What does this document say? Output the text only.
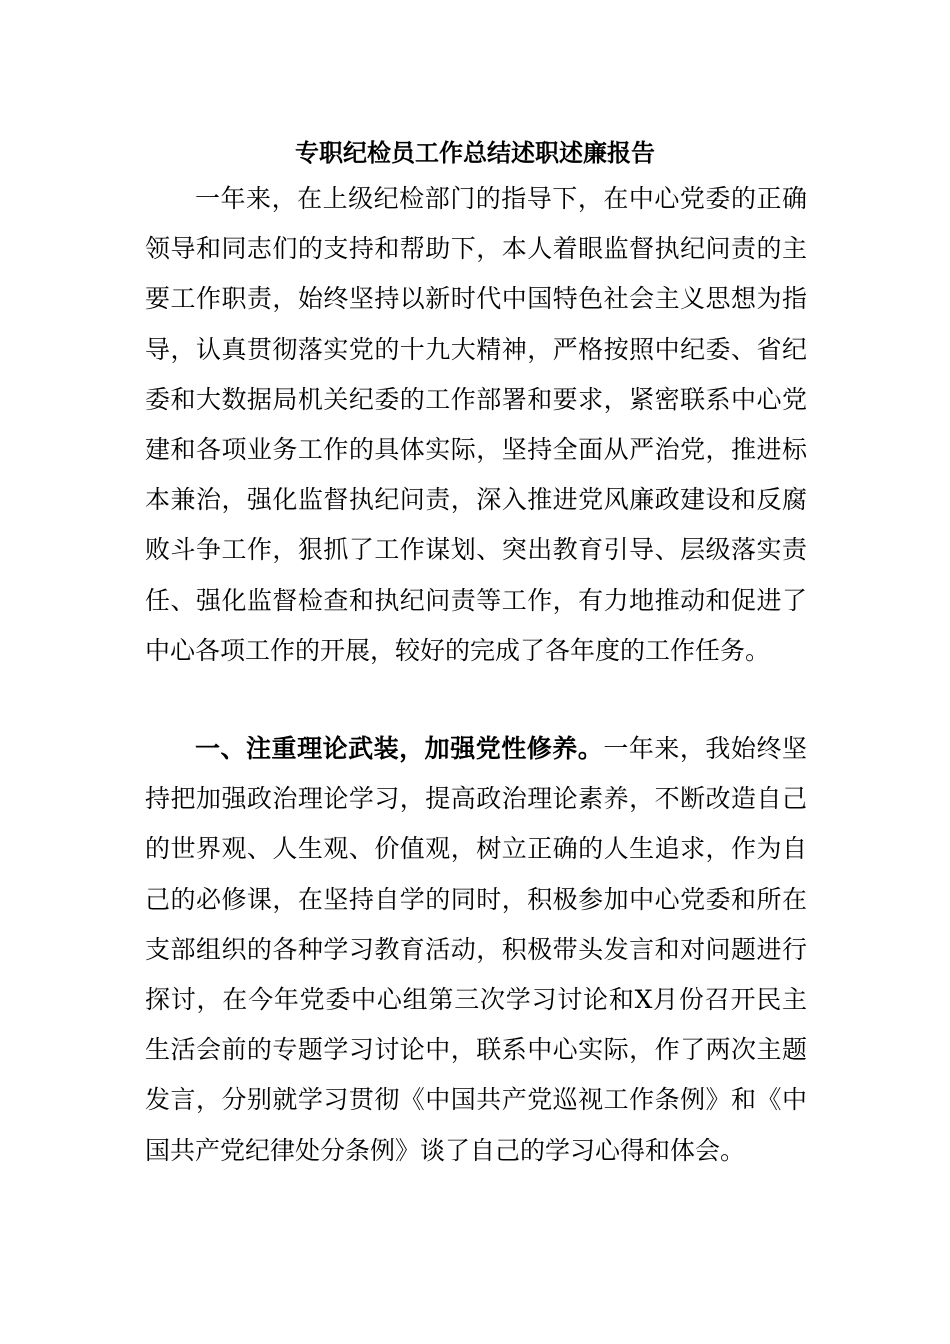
专职纪检员工作总结述职述廉报告

一年来，在上级纪检部门的指导下，在中心党委的正确领导和同志们的支持和帮助下，本人着眼监督执纪问责的主要工作职责，始终坚持以新时代中国特色社会主义思想为指导，认真贯彻落实党的十九大精神，严格按照中纪委、省纪委和大数据局机关纪委的工作部署和要求，紧密联系中心党建和各项业务工作的具体实际，坚持全面从严治党，推进标本兼治，强化监督执纪问责，深入推进党风廉政建设和反腐败斗争工作，狠抓了工作谋划、突出教育引导、层级落实责任、强化监督检查和执纪问责等工作，有力地推动和促进了中心各项工作的开展，较好的完成了各年度的工作任务。

一、注重理论武装，加强党性修养。一年来，我始终坚持把加强政治理论学习，提高政治理论素养，不断改造自己的世界观、人生观、价值观，树立正确的人生追求，作为自己的必修课，在坚持自学的同时，积极参加中心党委和所在支部组织的各种学习教育活动，积极带头发言和对问题进行探讨，在今年党委中心组第三次学习讨论和X月份召开民主生活会前的专题学习讨论中，联系中心实际，作了两次主题发言，分别就学习贯彻《中国共产党巡视工作条例》和《中国共产党纪律处分条例》谈了自己的学习心得和体会。
